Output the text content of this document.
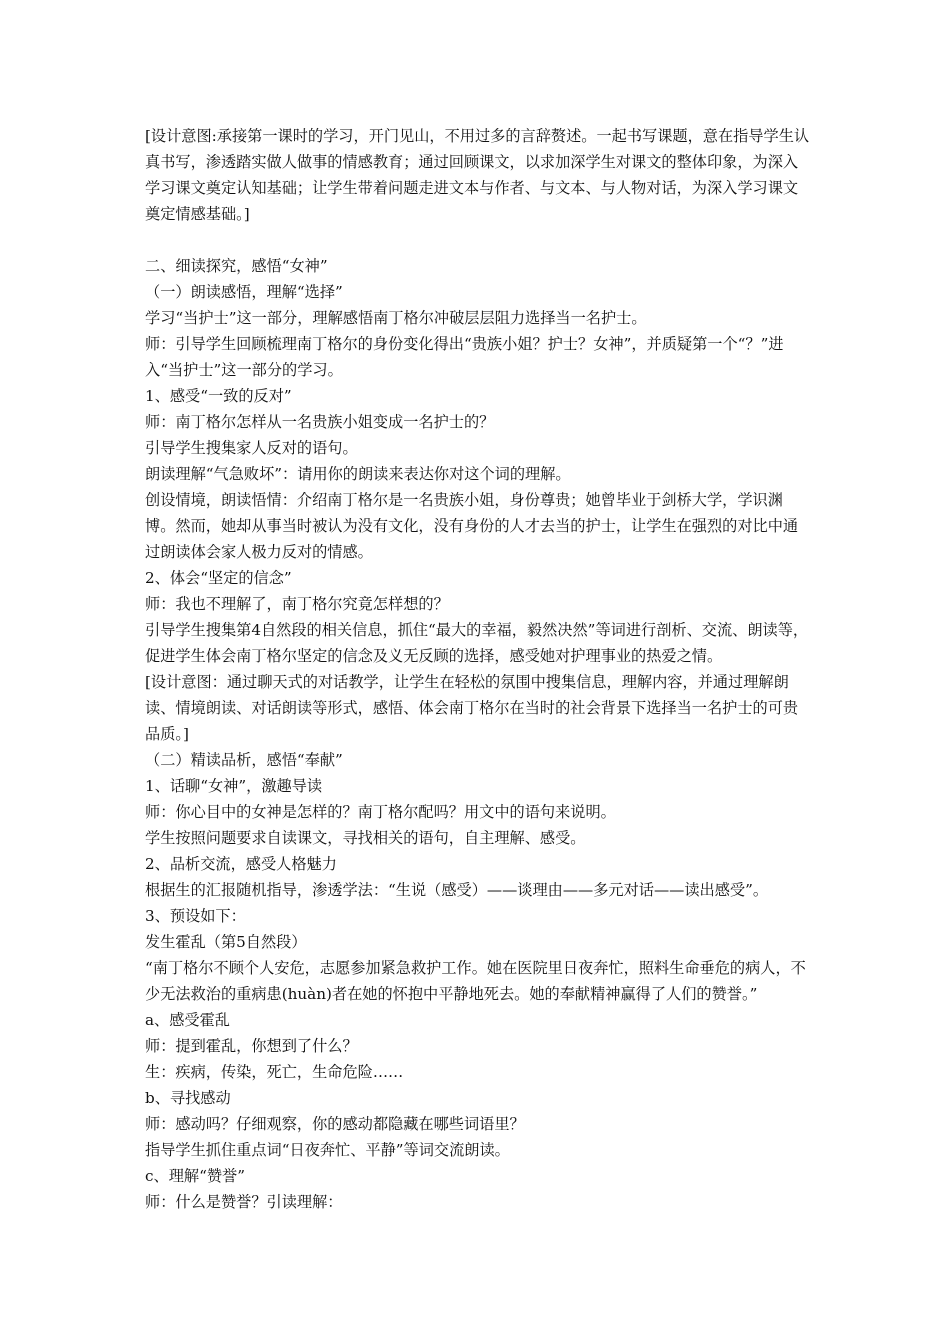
[设计意图:承接第一课时的学习，开门见山，不用过多的言辞赘述。一起书写课题，意在指导学生认真书写，渗透踏实做人做事的情感教育；通过回顾课文，以求加深学生对课文的整体印象，为深入学习课文奠定认知基础；让学生带着问题走进文本与作者、与文本、与人物对话，为深入学习课文奠定情感基础。]

二、细读探究，感悟“女神”

（一）朗读感悟，理解“选择”

学习“当护士”这一部分，理解感悟南丁格尔冲破层层阻力选择当一名护士。

师：引导学生回顾梳理南丁格尔的身份变化得出“贵族小姐？护士？女神”，并质疑第一个“？”进入“当护士”这一部分的学习。

1、感受“一致的反对”

师：南丁格尔怎样从一名贵族小姐变成一名护士的？

引导学生搜集家人反对的语句。

朗读理解“气急败坏”：请用你的朗读来表达你对这个词的理解。

创设情境，朗读悟情：介绍南丁格尔是一名贵族小姐，身份尊贵；她曾毕业于剑桥大学，学识渊博。然而，她却从事当时被认为没有文化，没有身份的人才去当的护士，让学生在强烈的对比中通过朗读体会家人极力反对的情感。

2、体会“坚定的信念”

师：我也不理解了，南丁格尔究竟怎样想的？

引导学生搜集第4自然段的相关信息，抓住“最大的幸福，毅然决然”等词进行剖析、交流、朗读等，促进学生体会南丁格尔坚定的信念及义无反顾的选择，感受她对护理事业的热爱之情。

[设计意图：通过聊天式的对话教学，让学生在轻松的氛围中搜集信息，理解内容，并通过理解朗读、情境朗读、对话朗读等形式，感悟、体会南丁格尔在当时的社会背景下选择当一名护士的可贵品质。]

（二）精读品析，感悟“奉献”

1、话聊“女神”，激趣导读

师：你心目中的女神是怎样的？南丁格尔配吗？用文中的语句来说明。

学生按照问题要求自读课文，寻找相关的语句，自主理解、感受。

2、品析交流，感受人格魅力

根据生的汇报随机指导，渗透学法：“生说（感受）——谈理由——多元对话——读出感受”。

3、预设如下：

发生霍乱（第5自然段）

“南丁格尔不顾个人安危，志愿参加紧急救护工作。她在医院里日夜奔忙，照料生命垂危的病人，不少无法救治的重病患(huàn)者在她的怀抱中平静地死去。她的奉献精神赢得了人们的赞誉。”

a、感受霍乱

师：提到霍乱，你想到了什么？

生：疾病，传染，死亡，生命危险……

b、寻找感动

师：感动吗？仔细观察，你的感动都隐藏在哪些词语里？

指导学生抓住重点词“日夜奔忙、平静”等词交流朗读。

c、理解“赞誉”

师：什么是赞誉？引读理解：
